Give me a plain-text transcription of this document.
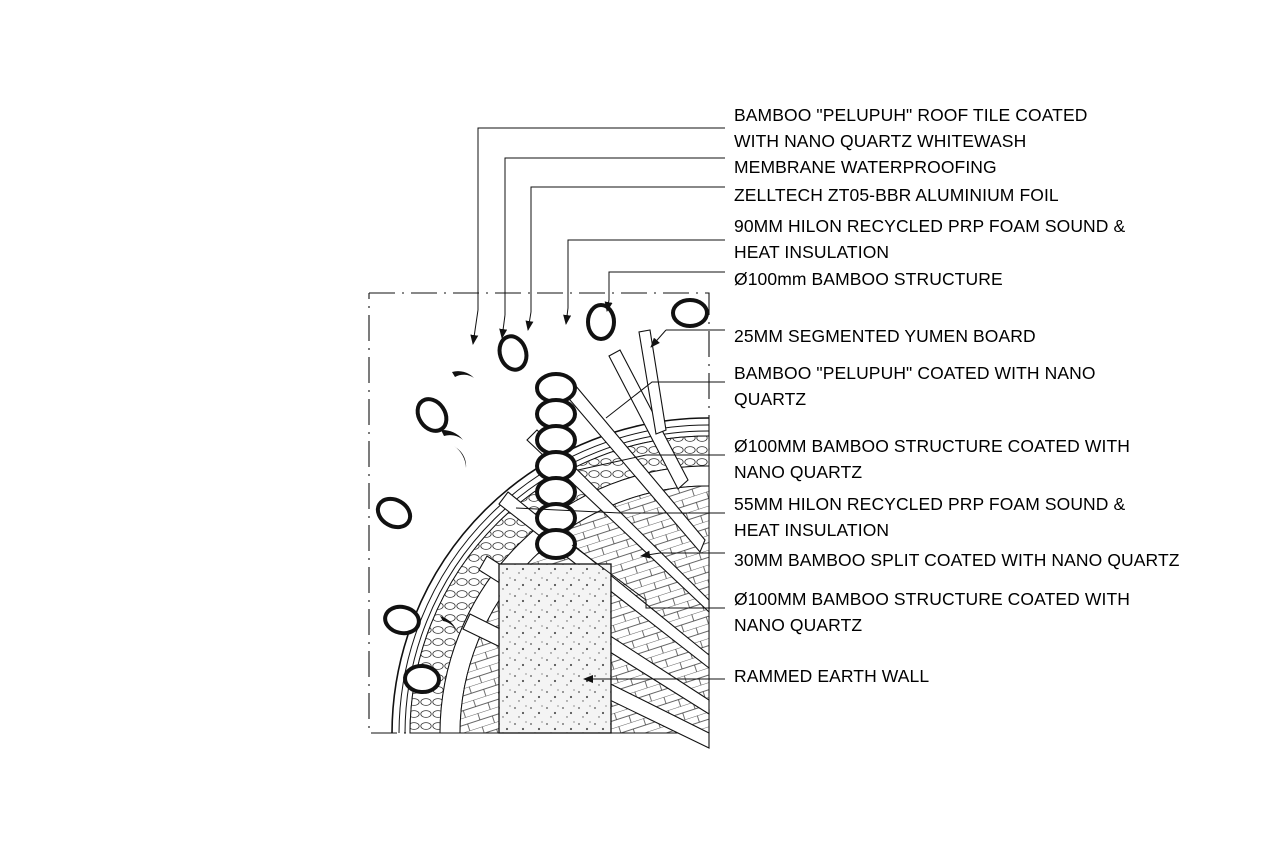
BAMBOO "PELUPUH" ROOF TILE COATED WITH NANO QUARTZ WHITEWASH
MEMBRANE WATERPROOFING
ZELLTECH ZT05-BBR ALUMINIUM FOIL
90MM HILON RECYCLED PRP FOAM SOUND & HEAT INSULATION
Ø100mm BAMBOO STRUCTURE
25MM SEGMENTED YUMEN BOARD
BAMBOO "PELUPUH" COATED WITH NANO QUARTZ
Ø100MM BAMBOO STRUCTURE COATED WITH NANO QUARTZ
55MM HILON RECYCLED PRP FOAM SOUND & HEAT INSULATION
30MM BAMBOO SPLIT COATED WITH NANO QUARTZ
Ø100MM BAMBOO STRUCTURE COATED WITH NANO QUARTZ
RAMMED EARTH WALL
